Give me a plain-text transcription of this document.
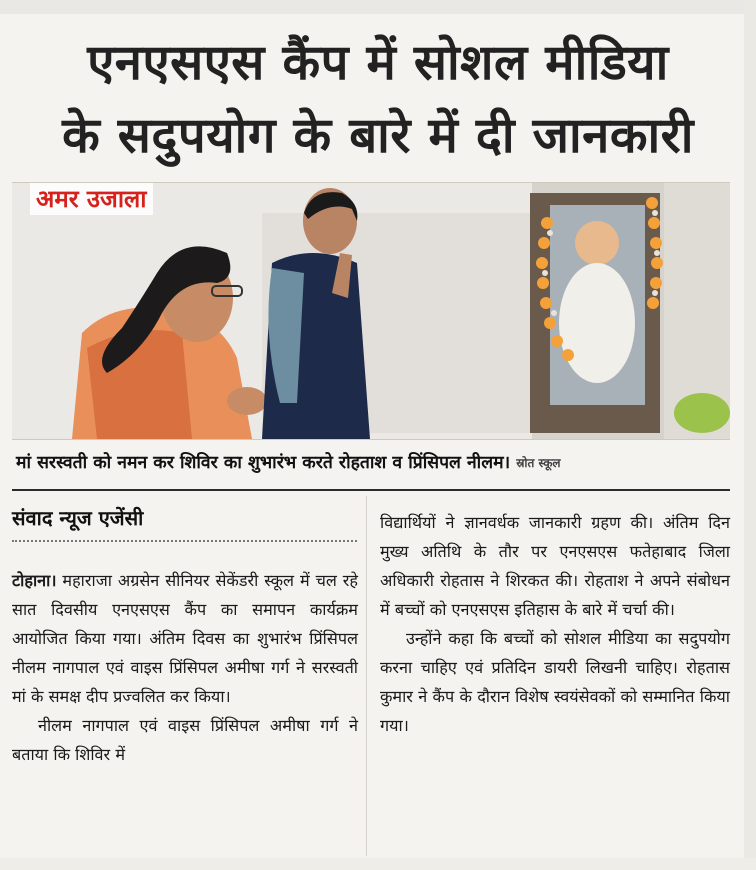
एनएसएस कैंप में सोशल मीडिया
के सदुपयोग के बारे में दी जानकारी
अमर उजाला
मां सरस्वती को नमन कर शिविर का शुभारंभ करते रोहताश व प्रिंसिपल नीलम। स्रोत स्कूल
संवाद न्यूज एजेंसी

टोहाना। महाराजा अग्रसेन सीनियर सेकेंडरी स्कूल में चल रहे सात दिवसीय एनएसएस कैंप का समापन कार्यक्रम आयोजित किया गया। अंतिम दिवस का शुभारंभ प्रिंसिपल नीलम नागपाल एवं वाइस प्रिंसिपल अमीषा गर्ग ने सरस्वती मां के समक्ष दीप प्रज्वलित कर किया।

नीलम नागपाल एवं वाइस प्रिंसिपल अमीषा गर्ग ने बताया कि शिविर में

विद्यार्थियों ने ज्ञानवर्धक जानकारी ग्रहण की। अंतिम दिन मुख्य अतिथि के तौर पर एनएसएस फतेहाबाद जिला अधिकारी रोहतास ने शिरकत की। रोहताश ने अपने संबोधन में बच्चों को एनएसएस इतिहास के बारे में चर्चा की।

उन्होंने कहा कि बच्चों को सोशल मीडिया का सदुपयोग करना चाहिए एवं प्रतिदिन डायरी लिखनी चाहिए। रोहतास कुमार ने कैंप के दौरान विशेष स्वयंसेवकों को सम्मानित किया गया।
